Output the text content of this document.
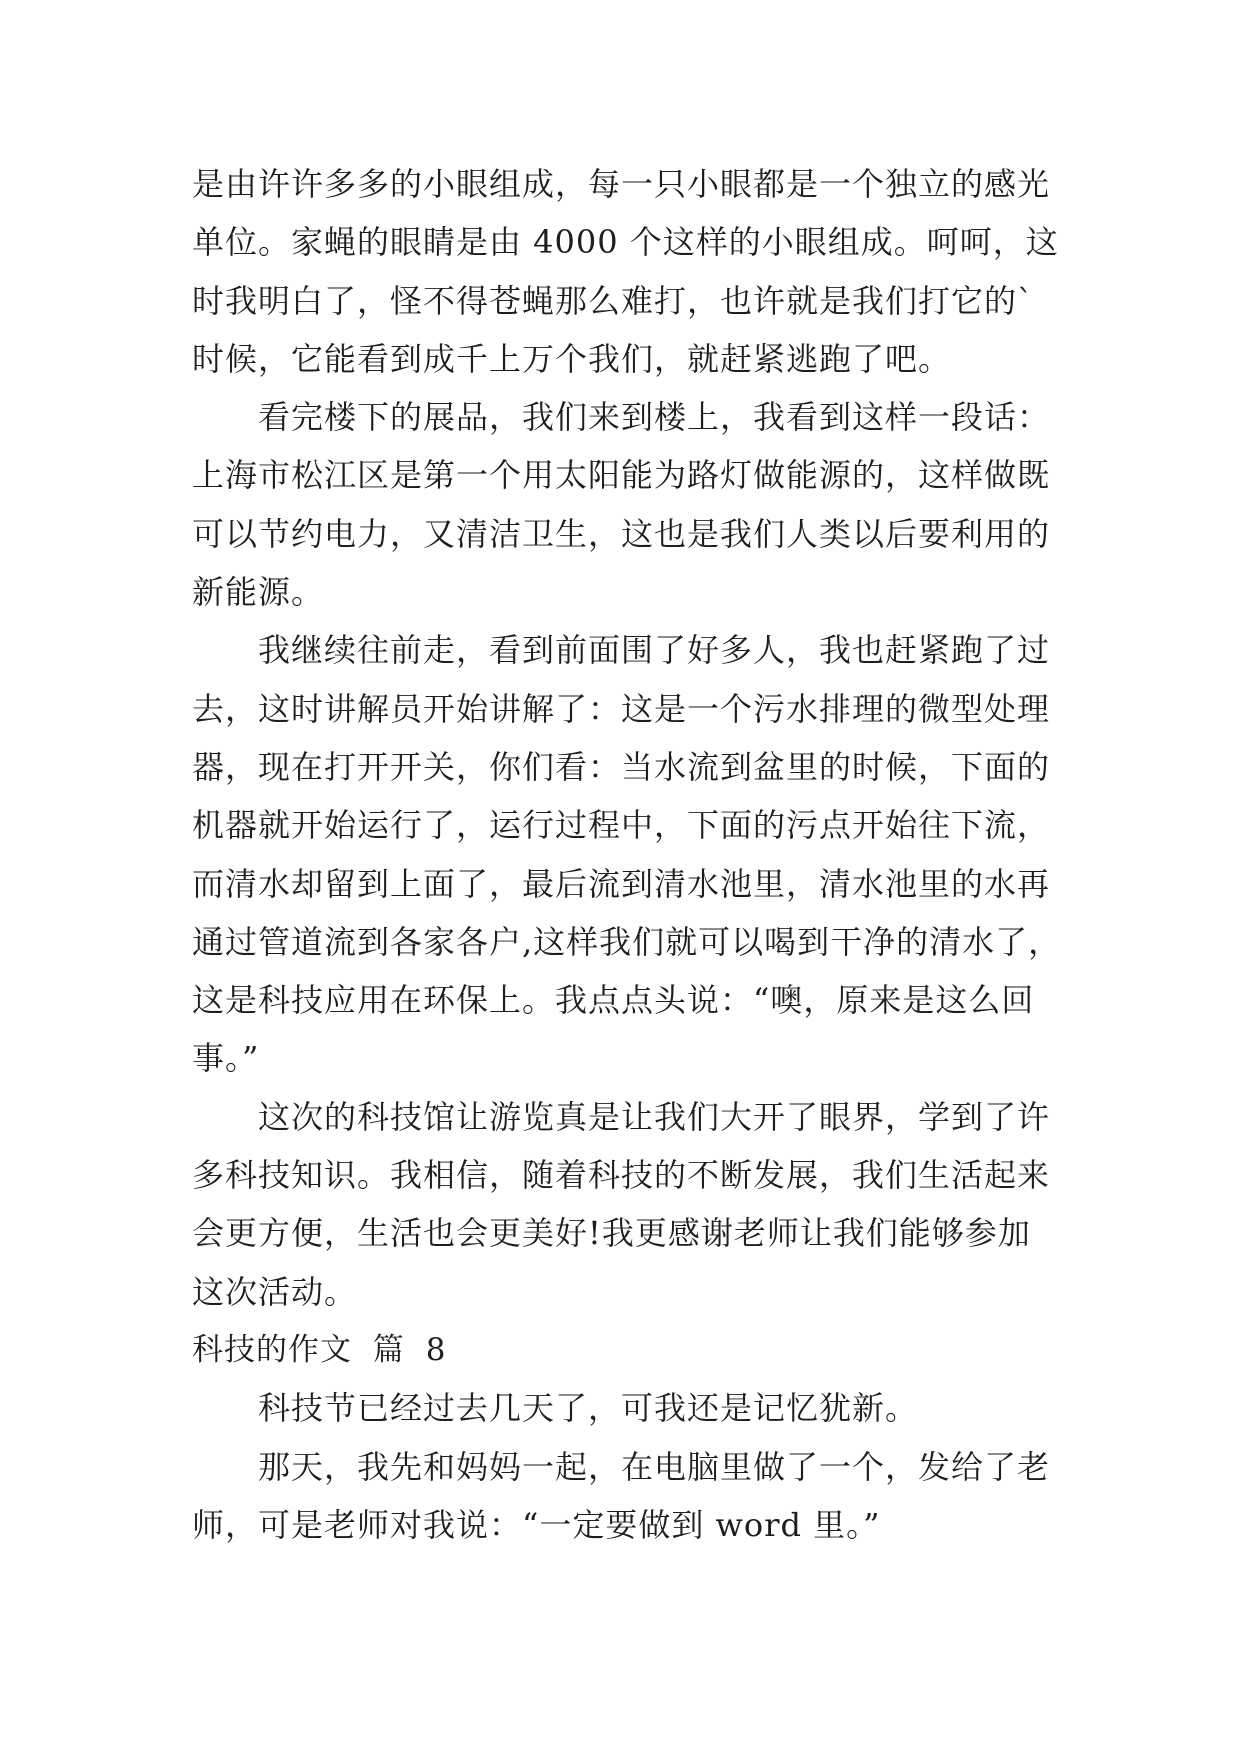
是由许许多多的小眼组成，每一只小眼都是一个独立的感光
单位。家蝇的眼睛是由 4000 个这样的小眼组成。呵呵，这
时我明白了，怪不得苍蝇那么难打，也许就是我们打它的`
时候，它能看到成千上万个我们，就赶紧逃跑了吧。
看完楼下的展品，我们来到楼上，我看到这样一段话：
上海市松江区是第一个用太阳能为路灯做能源的，这样做既
可以节约电力，又清洁卫生，这也是我们人类以后要利用的
新能源。
我继续往前走，看到前面围了好多人，我也赶紧跑了过
去，这时讲解员开始讲解了：这是一个污水排理的微型处理
器，现在打开开关，你们看：当水流到盆里的时候，下面的
机器就开始运行了，运行过程中，下面的污点开始往下流，
而清水却留到上面了，最后流到清水池里，清水池里的水再
通过管道流到各家各户,这样我们就可以喝到干净的清水了，
这是科技应用在环保上。我点点头说：“噢，原来是这么回
事。”
这次的科技馆让游览真是让我们大开了眼界，学到了许
多科技知识。我相信，随着科技的不断发展，我们生活起来
会更方便，生活也会更美好!我更感谢老师让我们能够参加
这次活动。
科技的作文 篇 8
科技节已经过去几天了，可我还是记忆犹新。
那天，我先和妈妈一起，在电脑里做了一个，发给了老
师，可是老师对我说：“一定要做到 word 里。”
